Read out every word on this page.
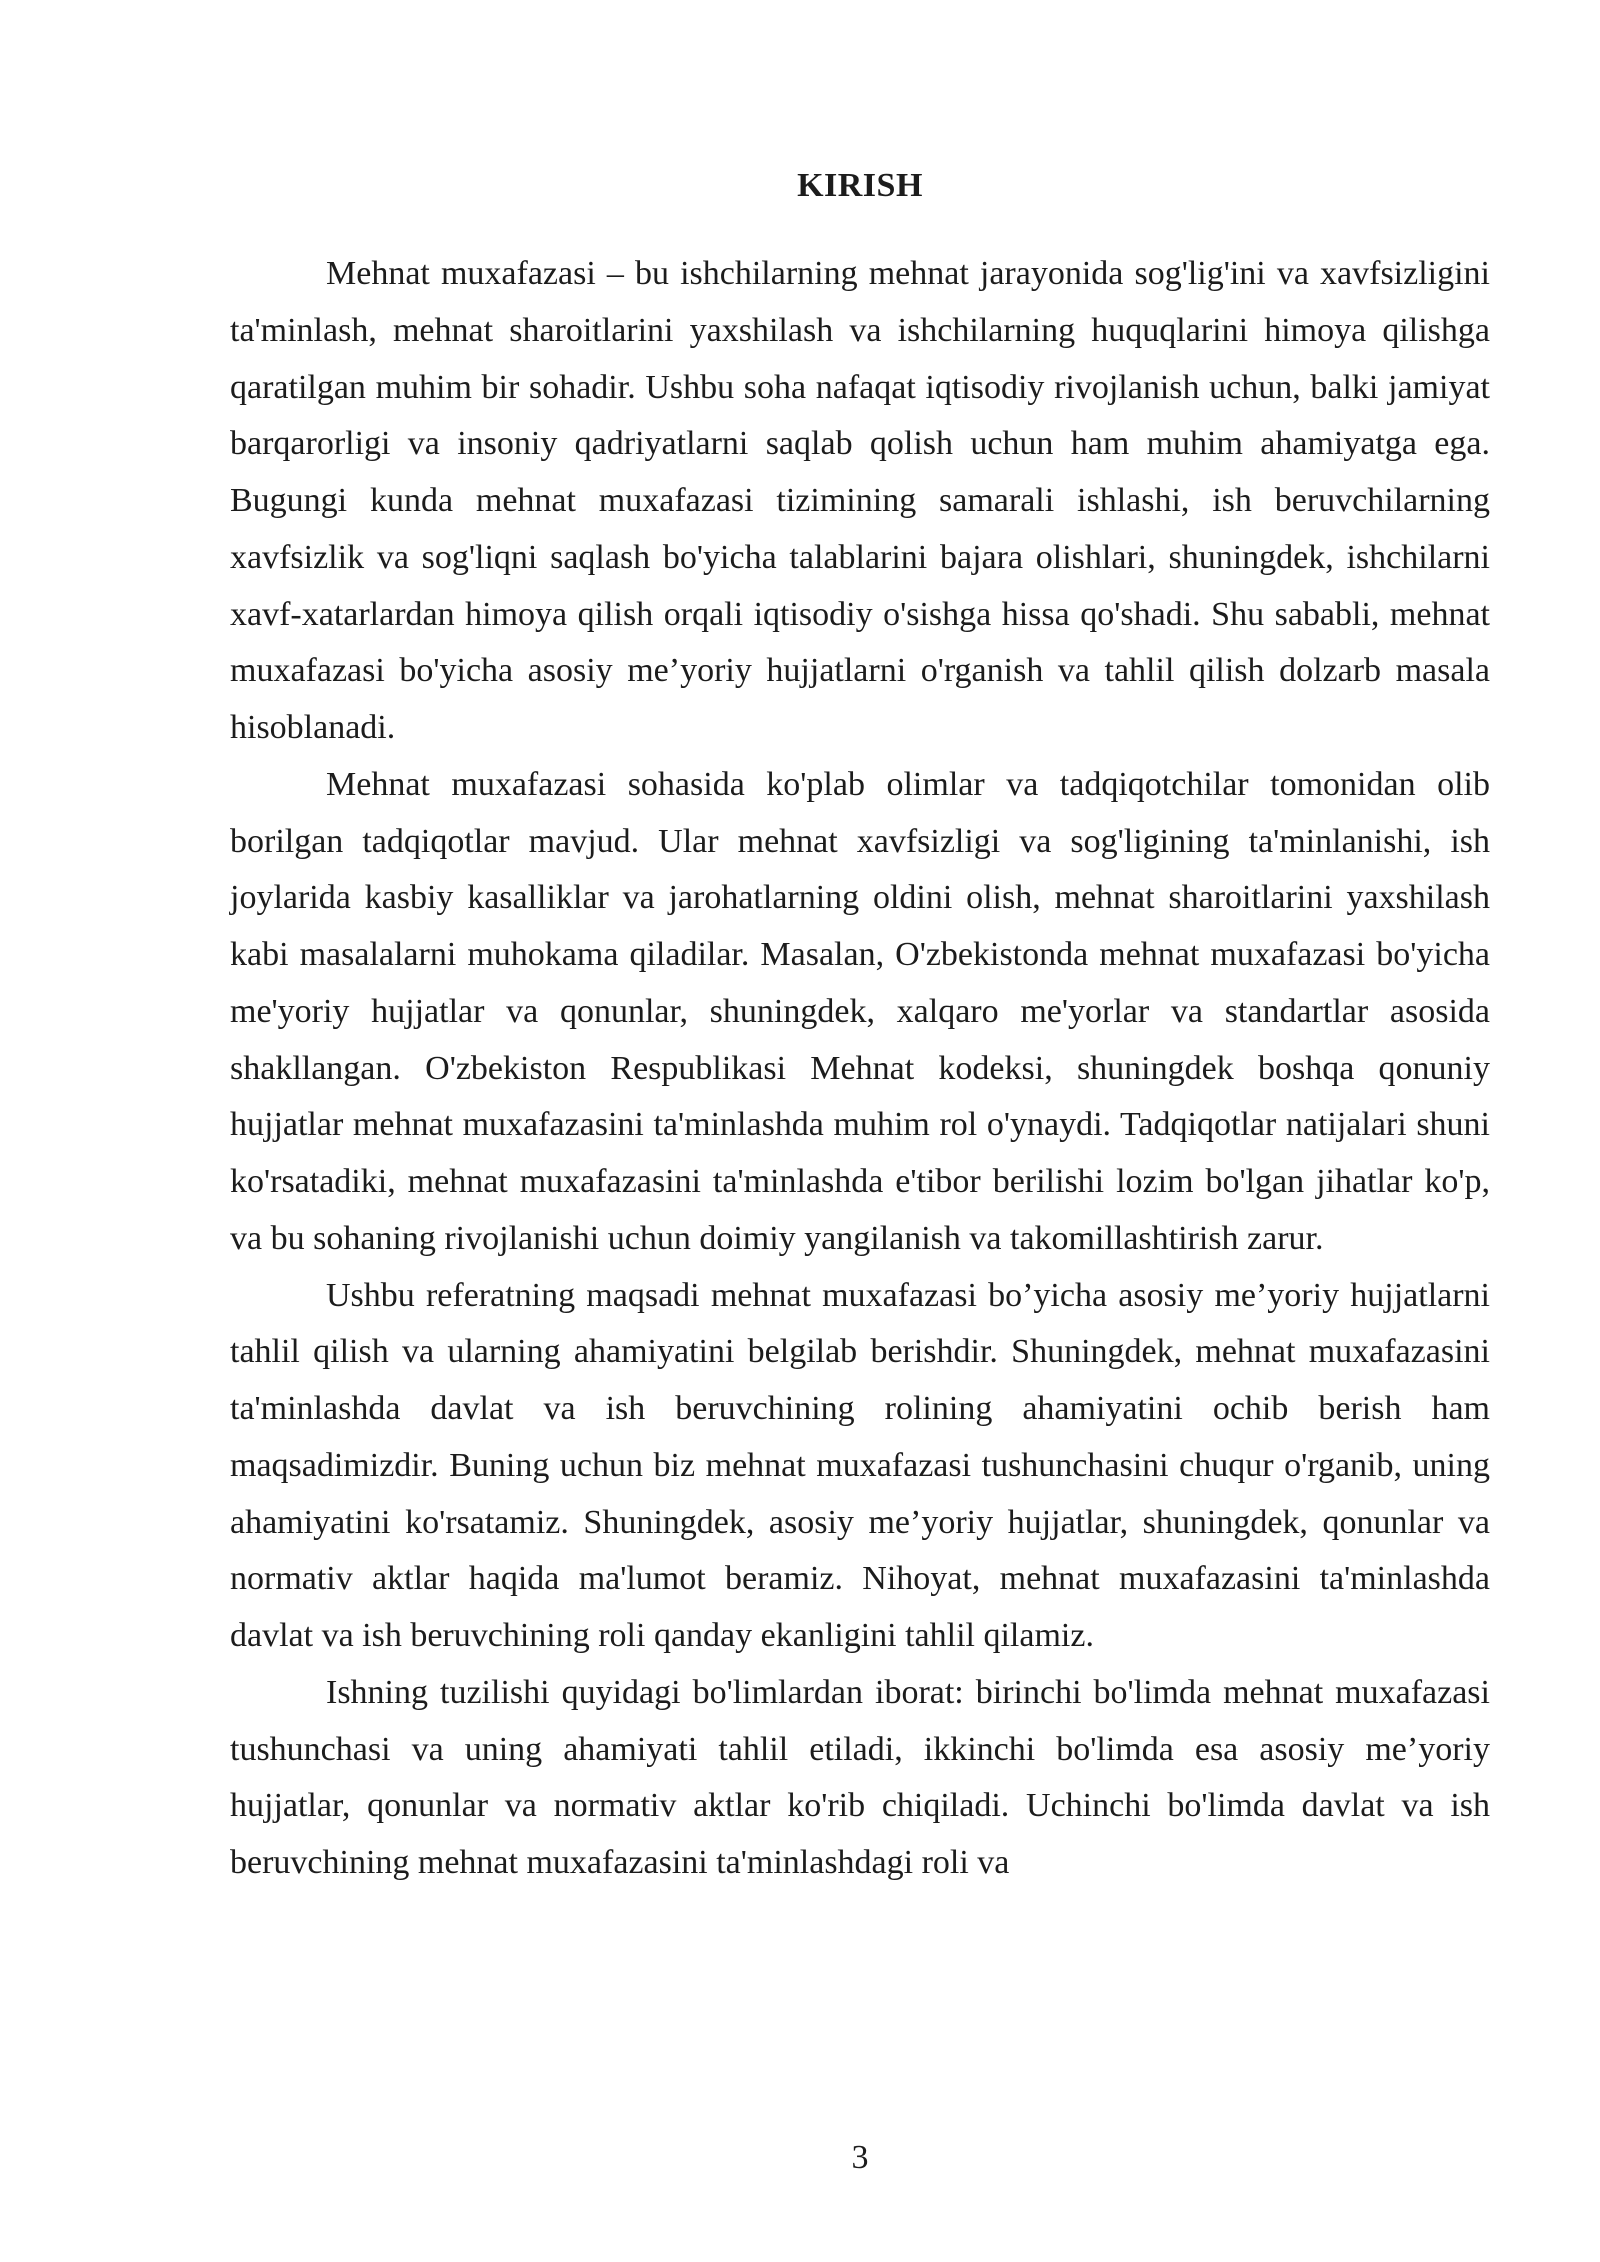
KIRISH

Mehnat muxafazasi – bu ishchilarning mehnat jarayonida sog'lig'ini va xavfsizligini ta'minlash, mehnat sharoitlarini yaxshilash va ishchilarning huquqlarini himoya qilishga qaratilgan muhim bir sohadir. Ushbu soha nafaqat iqtisodiy rivojlanish uchun, balki jamiyat barqarorligi va insoniy qadriyatlarni saqlab qolish uchun ham muhim ahamiyatga ega. Bugungi kunda mehnat muxafazasi tizimining samarali ishlashi, ish beruvchilarning xavfsizlik va sog'liqni saqlash bo'yicha talablarini bajara olishlari, shuningdek, ishchilarni xavf-xatarlardan himoya qilish orqali iqtisodiy o'sishga hissa qo'shadi. Shu sababli, mehnat muxafazasi bo'yicha asosiy me’yoriy hujjatlarni o'rganish va tahlil qilish dolzarb masala hisoblanadi.

Mehnat muxafazasi sohasida ko'plab olimlar va tadqiqotchilar tomonidan olib borilgan tadqiqotlar mavjud. Ular mehnat xavfsizligi va sog'ligining ta'minlanishi, ish joylarida kasbiy kasalliklar va jarohatlarning oldini olish, mehnat sharoitlarini yaxshilash kabi masalalarni muhokama qiladilar. Masalan, O'zbekistonda mehnat muxafazasi bo'yicha me'yoriy hujjatlar va qonunlar, shuningdek, xalqaro me'yorlar va standartlar asosida shakllangan. O'zbekiston Respublikasi Mehnat kodeksi, shuningdek boshqa qonuniy hujjatlar mehnat muxafazasini ta'minlashda muhim rol o'ynaydi. Tadqiqotlar natijalari shuni ko'rsatadiki, mehnat muxafazasini ta'minlashda e'tibor berilishi lozim bo'lgan jihatlar ko'p, va bu sohaning rivojlanishi uchun doimiy yangilanish va takomillashtirish zarur.

Ushbu referatning maqsadi mehnat muxafazasi bo’yicha asosiy me’yoriy hujjatlarni tahlil qilish va ularning ahamiyatini belgilab berishdir. Shuningdek, mehnat muxafazasini ta'minlashda davlat va ish beruvchining rolining ahamiyatini ochib berish ham maqsadimizdir. Buning uchun biz mehnat muxafazasi tushunchasini chuqur o'rganib, uning ahamiyatini ko'rsatamiz. Shuningdek, asosiy me’yoriy hujjatlar, shuningdek, qonunlar va normativ aktlar haqida ma'lumot beramiz. Nihoyat, mehnat muxafazasini ta'minlashda davlat va ish beruvchining roli qanday ekanligini tahlil qilamiz.

Ishning tuzilishi quyidagi bo'limlardan iborat: birinchi bo'limda mehnat muxafazasi tushunchasi va uning ahamiyati tahlil etiladi, ikkinchi bo'limda esa asosiy me’yoriy hujjatlar, qonunlar va normativ aktlar ko'rib chiqiladi. Uchinchi bo'limda davlat va ish beruvchining mehnat muxafazasini ta'minlashdagi roli va

3
